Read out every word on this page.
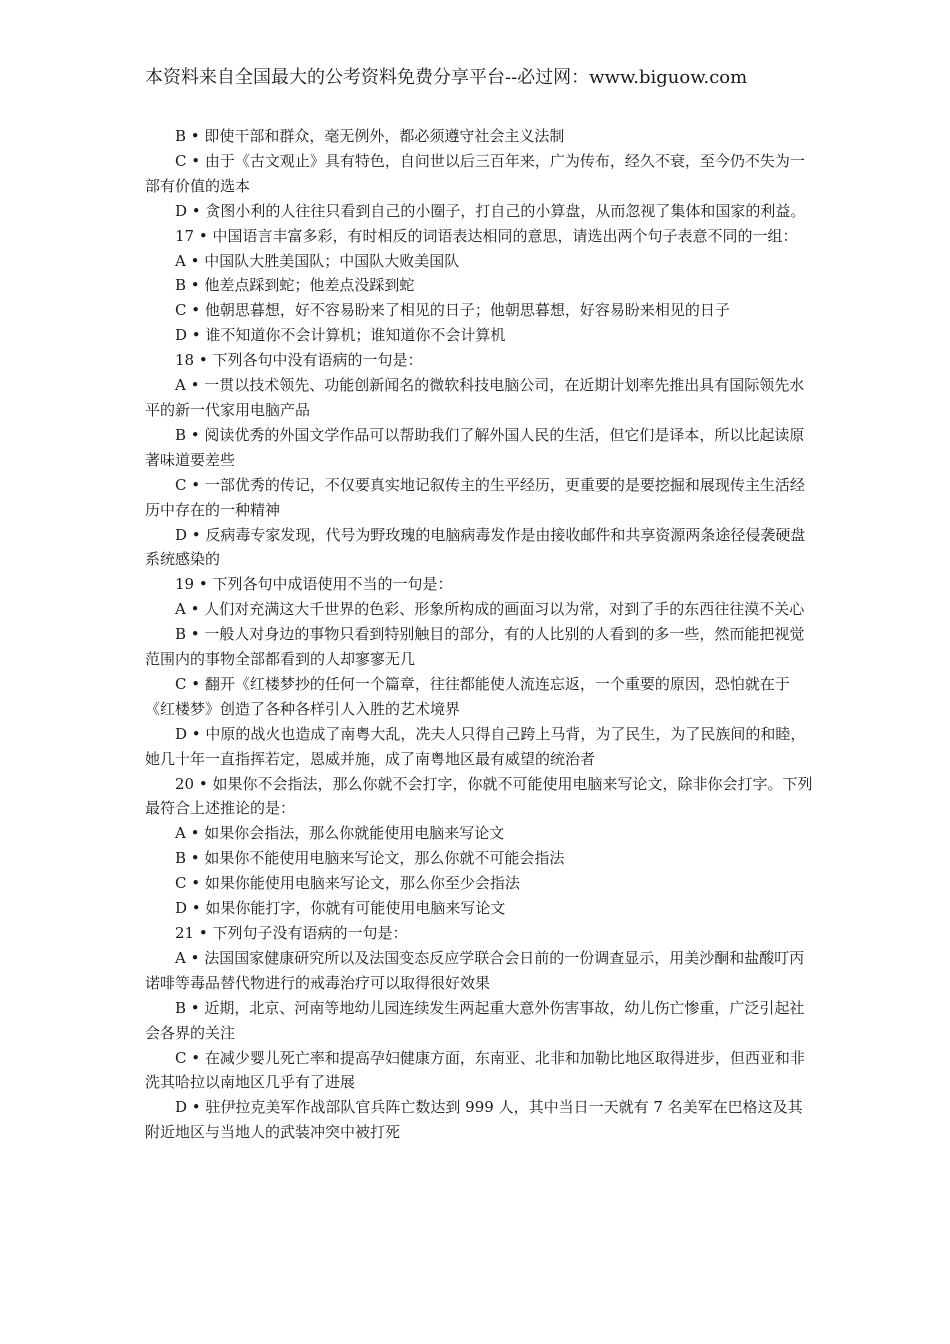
本资料来自全国最大的公考资料免费分享平台--必过网：www.biguow.com

B • 即使干部和群众，毫无例外，都必须遵守社会主义法制

C • 由于《古文观止》具有特色，自问世以后三百年来，广为传布，经久不衰，至今仍不失为一部有价值的选本

D • 贪图小利的人往往只看到自己的小圈子，打自己的小算盘，从而忽视了集体和国家的利益。

17 • 中国语言丰富多彩，有时相反的词语表达相同的意思，请选出两个句子表意不同的一组：

A • 中国队大胜美国队；中国队大败美国队

B • 他差点踩到蛇；他差点没踩到蛇

C • 他朝思暮想，好不容易盼来了相见的日子；他朝思暮想，好容易盼来相见的日子

D • 谁不知道你不会计算机；谁知道你不会计算机

18 • 下列各句中没有语病的一句是：

A • 一贯以技术领先、功能创新闻名的微软科技电脑公司，在近期计划率先推出具有国际领先水平的新一代家用电脑产品

B • 阅读优秀的外国文学作品可以帮助我们了解外国人民的生活，但它们是译本，所以比起读原著味道要差些

C • 一部优秀的传记，不仅要真实地记叙传主的生平经历，更重要的是要挖掘和展现传主生活经历中存在的一种精神

D • 反病毒专家发现，代号为野玫瑰的电脑病毒发作是由接收邮件和共享资源两条途径侵袭硬盘系统感染的

19 • 下列各句中成语使用不当的一句是：

A • 人们对充满这大千世界的色彩、形象所构成的画面习以为常，对到了手的东西往往漠不关心

B • 一般人对身边的事物只看到特别触目的部分，有的人比别的人看到的多一些，然而能把视觉范围内的事物全部都看到的人却寥寥无几

C • 翻开《红楼梦抄的任何一个篇章，往往都能使人流连忘返，一个重要的原因，恐怕就在于《红楼梦》创造了各种各样引人入胜的艺术境界

D • 中原的战火也造成了南粤大乱，冼夫人只得自己跨上马背，为了民生，为了民族间的和睦，她几十年一直指挥若定，恩威并施，成了南粤地区最有威望的统治者

20 • 如果你不会指法，那么你就不会打字，你就不可能使用电脑来写论文，除非你会打字。下列最符合上述推论的是：

A • 如果你会指法，那么你就能使用电脑来写论文

B • 如果你不能使用电脑来写论文，那么你就不可能会指法

C • 如果你能使用电脑来写论文，那么你至少会指法

D • 如果你能打字，你就有可能使用电脑来写论文

21 • 下列句子没有语病的一句是：

A • 法国国家健康研究所以及法国变态反应学联合会日前的一份调查显示，用美沙酮和盐酸叮丙诺啡等毒品替代物进行的戒毒治疗可以取得很好效果

B • 近期，北京、河南等地幼儿园连续发生两起重大意外伤害事故，幼儿伤亡惨重，广泛引起社会各界的关注

C • 在减少婴儿死亡率和提高孕妇健康方面，东南亚、北非和加勒比地区取得进步，但西亚和非洗其哈拉以南地区几乎有了进展

D • 驻伊拉克美军作战部队官兵阵亡数达到 999 人，其中当日一天就有 7 名美军在巴格这及其附近地区与当地人的武装冲突中被打死
